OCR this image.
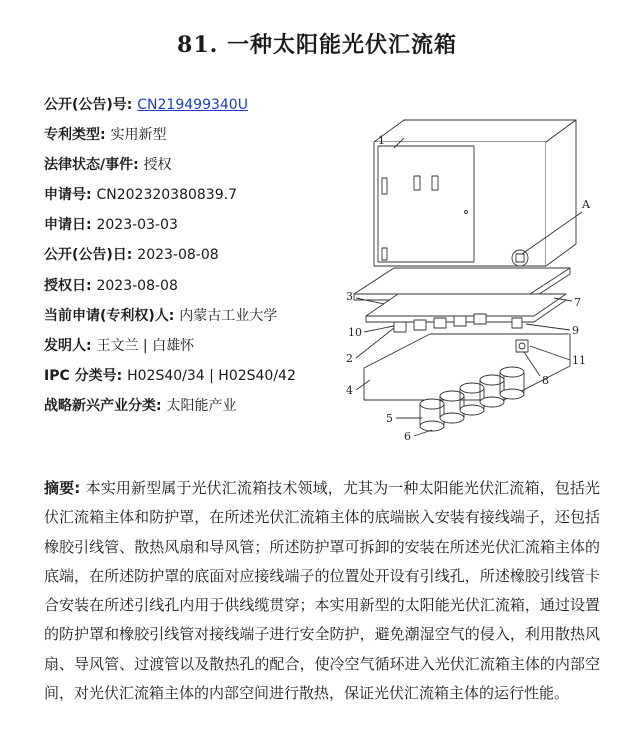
81. 一种太阳能光伏汇流箱
公开(公告)号: CN219499340U
专利类型: 实用新型
法律状态/事件: 授权
申请号: CN202320380839.7
申请日: 2023-03-03
公开(公告)日: 2023-08-08
授权日: 2023-08-08
当前申请(专利权)人: 内蒙古工业大学
发明人: 王文兰 | 白雄怀
IPC 分类号: H02S40/34 | H02S40/42
战略新兴产业分类: 太阳能产业
1
A
3	7
10	9
2	11
4
8
5
6
摘要: 本实用新型属于光伏汇流箱技术领域，尤其为一种太阳能光伏汇流箱，包括光伏汇流箱主体和防护罩，在所述光伏汇流箱主体的底端嵌入安装有接线端子，还包括橡胶引线管、散热风扇和导风管；所述防护罩可拆卸的安装在所述光伏汇流箱主体的底端，在所述防护罩的底面对应接线端子的位置处开设有引线孔，所述橡胶引线管卡合安装在所述引线孔内用于供线缆贯穿；本实用新型的太阳能光伏汇流箱，通过设置的防护罩和橡胶引线管对接线端子进行安全防护，避免潮湿空气的侵入，利用散热风扇、导风管、过渡管以及散热孔的配合，使冷空气循环进入光伏汇流箱主体的内部空间，对光伏汇流箱主体的内部空间进行散热，保证光伏汇流箱主体的运行性能。
